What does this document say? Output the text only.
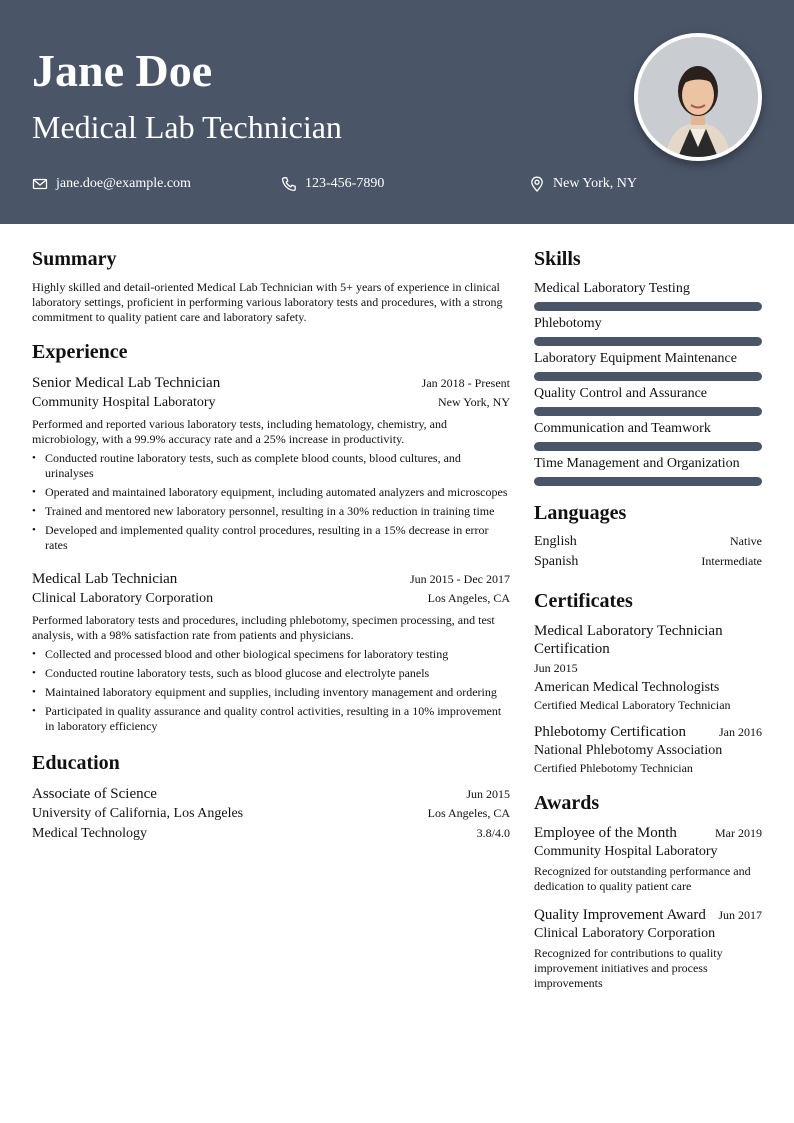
Jane Doe
Medical Lab Technician
jane.doe@example.com	123-456-7890	New York, NY
Summary

Highly skilled and detail-oriented Medical Lab Technician with 5+ years of experience in clinical laboratory settings, proficient in performing various laboratory tests and procedures, with a strong commitment to quality patient care and laboratory safety.

Experience
Senior Medical Lab Technician	Jan 2018 - Present
Community Hospital Laboratory	New York, NY

Performed and reported various laboratory tests, including hematology, chemistry, and microbiology, with a 99.9% accuracy rate and a 25% increase in productivity.

• Conducted routine laboratory tests, such as complete blood counts, blood cultures, and urinalyses
• Operated and maintained laboratory equipment, including automated analyzers and microscopes
• Trained and mentored new laboratory personnel, resulting in a 30% reduction in training time
• Developed and implemented quality control procedures, resulting in a 15% decrease in error rates
Medical Lab Technician	Jun 2015 - Dec 2017
Clinical Laboratory Corporation	Los Angeles, CA

Performed laboratory tests and procedures, including phlebotomy, specimen processing, and test analysis, with a 98% satisfaction rate from patients and physicians.

• Collected and processed blood and other biological specimens for laboratory testing
• Conducted routine laboratory tests, such as blood glucose and electrolyte panels
• Maintained laboratory equipment and supplies, including inventory management and ordering
• Participated in quality assurance and quality control activities, resulting in a 10% improvement in laboratory efficiency
Education
Associate of Science	Jun 2015
University of California, Los Angeles	Los Angeles, CA
Medical Technology	3.8/4.0
Skills
Medical Laboratory Testing
Phlebotomy
Laboratory Equipment Maintenance
Quality Control and Assurance
Communication and Teamwork
Time Management and Organization
Languages
English	Native
Spanish	Intermediate
Certificates
Medical Laboratory Technician Certification
Jun 2015
American Medical Technologists
Certified Medical Laboratory Technician
Phlebotomy Certification	Jan 2016
National Phlebotomy Association
Certified Phlebotomy Technician
Awards
Employee of the Month	Mar 2019
Community Hospital Laboratory
Recognized for outstanding performance and dedication to quality patient care
Quality Improvement Award Jun 2017
Clinical Laboratory Corporation
Recognized for contributions to quality improvement initiatives and process improvements
